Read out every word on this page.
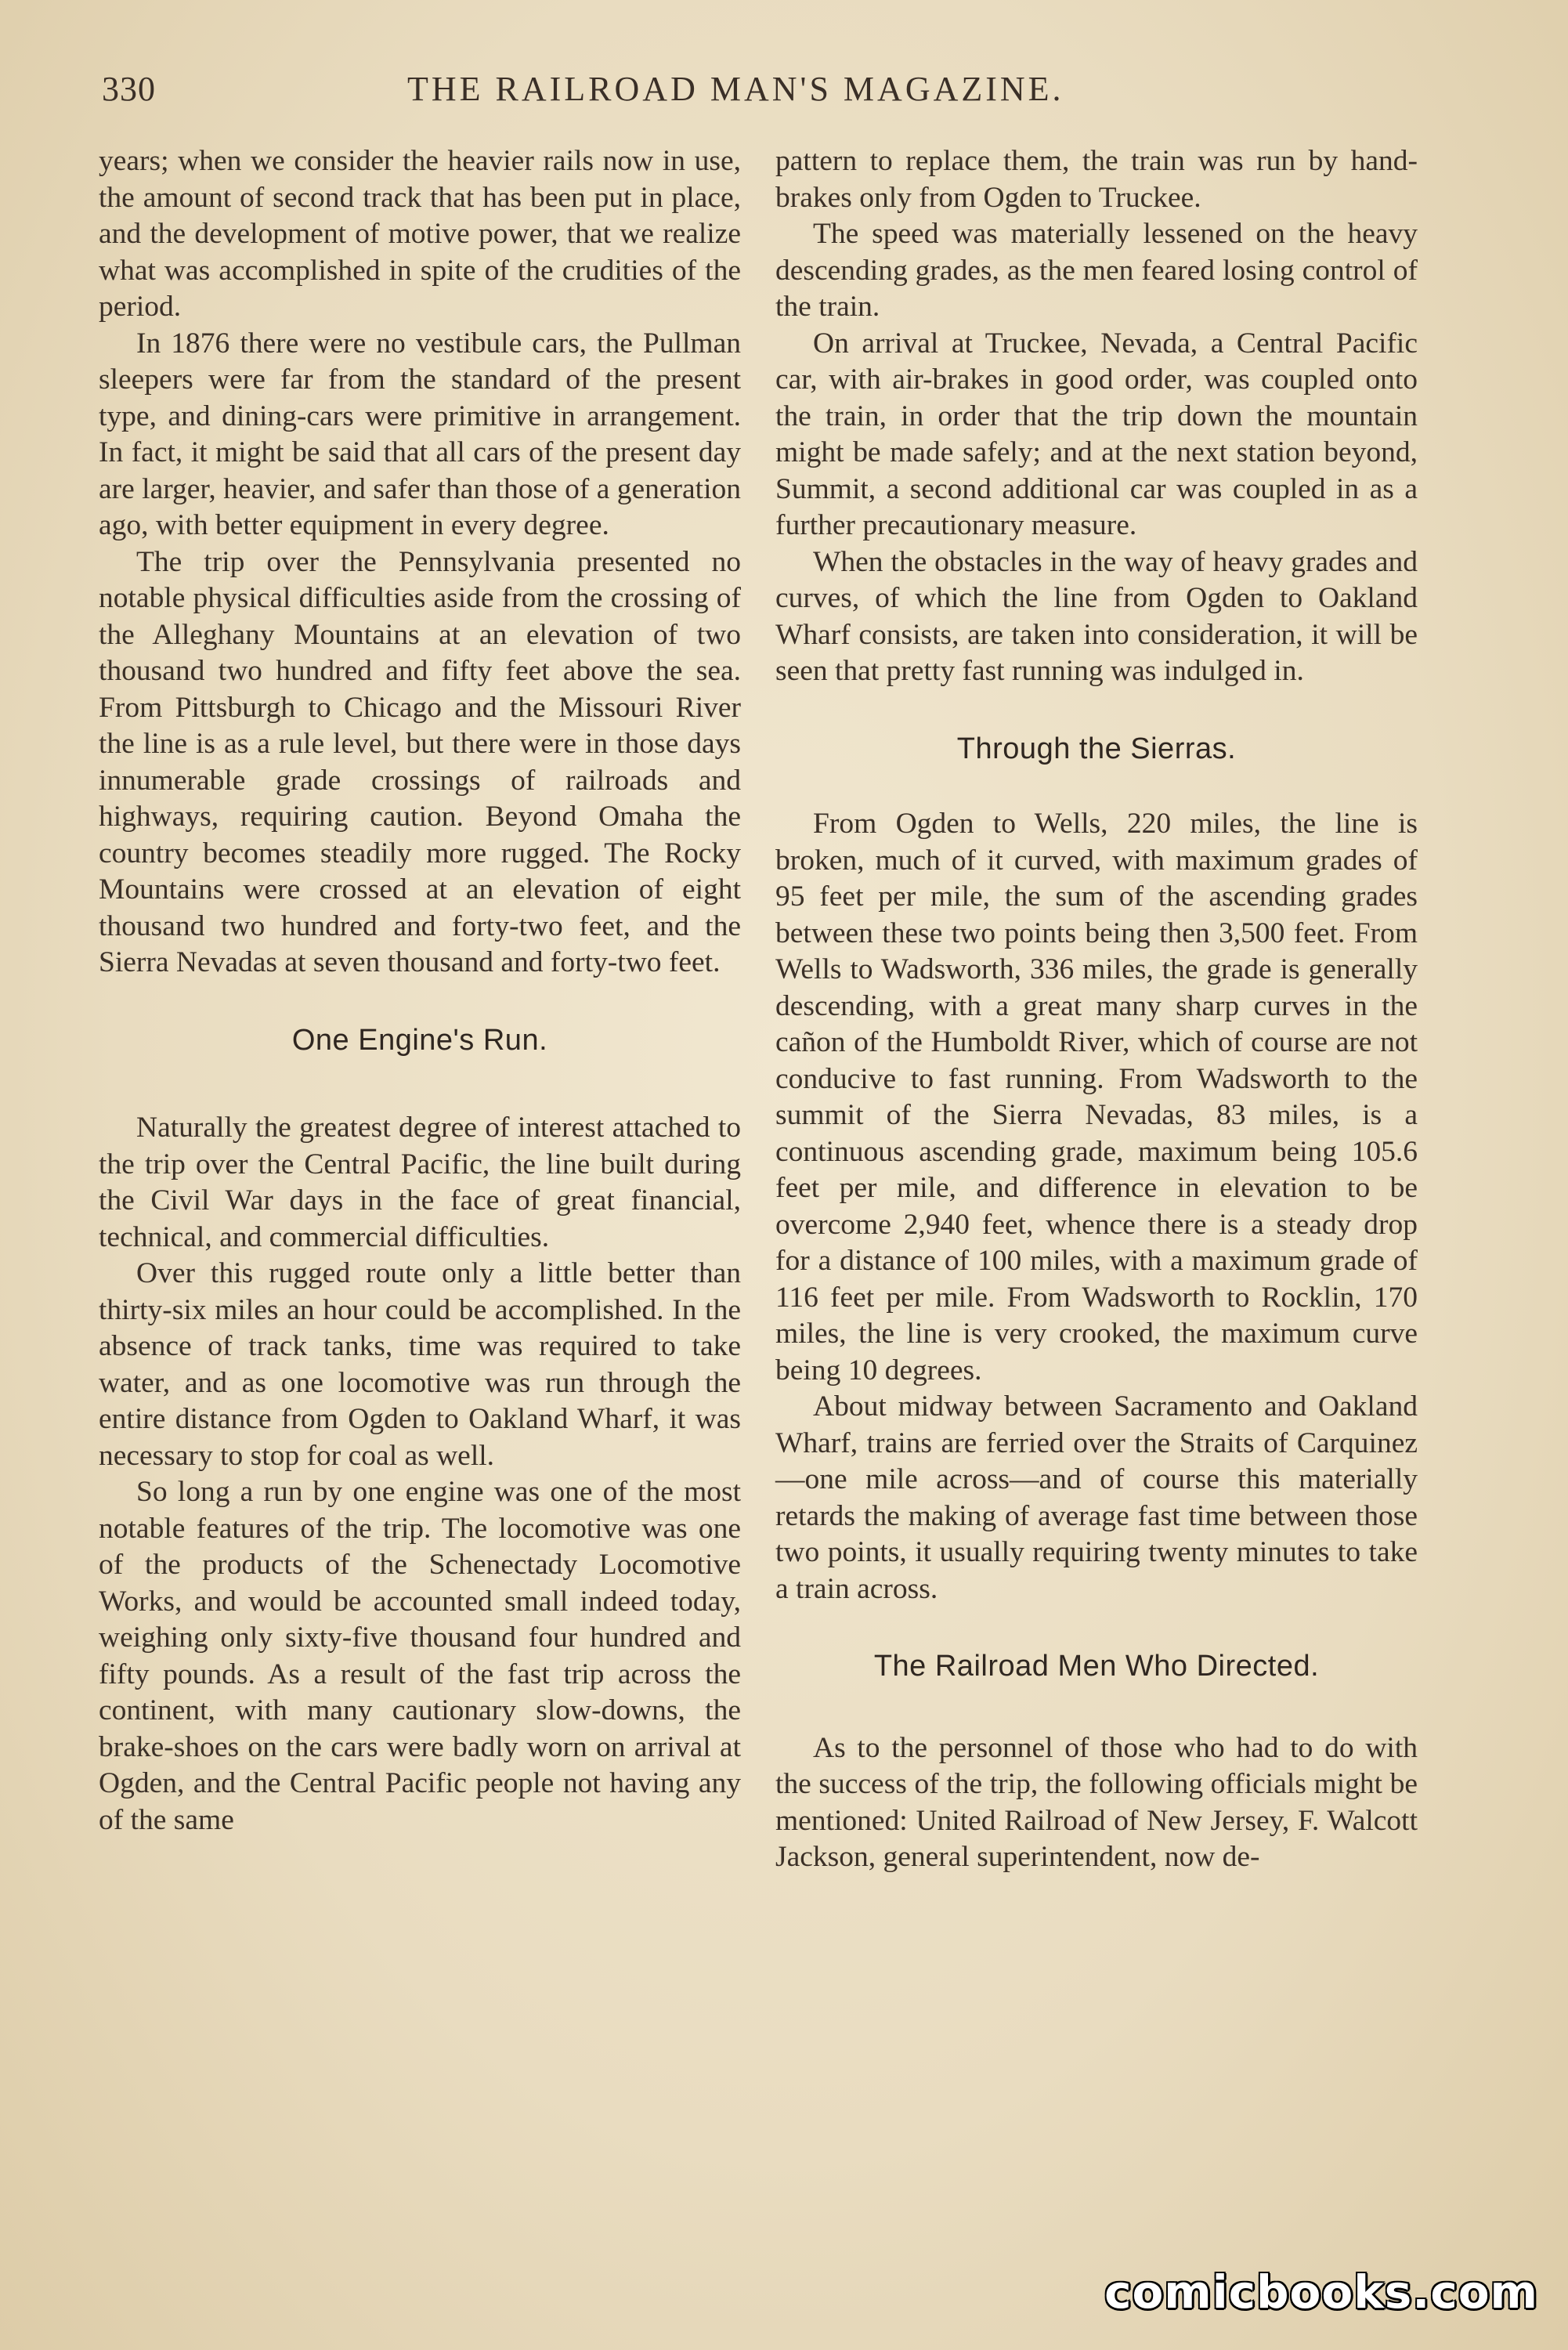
330	THE RAILROAD MAN'S MAGAZINE.

years; when we consider the heavier rails now in use, the amount of second track that has been put in place, and the development of motive power, that we realize what was accomplished in spite of the crudities of the period.

In 1876 there were no vestibule cars, the Pullman sleepers were far from the standard of the present type, and dining-cars were primitive in arrangement. In fact, it might be said that all cars of the present day are larger, heavier, and safer than those of a generation ago, with better equipment in every degree.

The trip over the Pennsylvania presented no notable physical difficulties aside from the crossing of the Alleghany Mountains at an elevation of two thousand two hundred and fifty feet above the sea. From Pittsburgh to Chicago and the Missouri River the line is as a rule level, but there were in those days innumerable grade crossings of railroads and highways, requiring caution. Beyond Omaha the country becomes steadily more rugged. The Rocky Mountains were crossed at an elevation of eight thousand two hundred and forty-two feet, and the Sierra Nevadas at seven thousand and forty-two feet.

One Engine's Run.

Naturally the greatest degree of interest attached to the trip over the Central Pacific, the line built during the Civil War days in the face of great financial, technical, and commercial difficulties.

Over this rugged route only a little better than thirty-six miles an hour could be accomplished. In the absence of track tanks, time was required to take water, and as one locomotive was run through the entire distance from Ogden to Oakland Wharf, it was necessary to stop for coal as well.

So long a run by one engine was one of the most notable features of the trip. The locomotive was one of the products of the Schenectady Locomotive Works, and would be accounted small indeed today, weighing only sixty-five thousand four hundred and fifty pounds. As a result of the fast trip across the continent, with many cautionary slow-downs, the brake-shoes on the cars were badly worn on arrival at Ogden, and the Central Pacific people not having any of the same

pattern to replace them, the train was run by hand-brakes only from Ogden to Truckee.

The speed was materially lessened on the heavy descending grades, as the men feared losing control of the train.

On arrival at Truckee, Nevada, a Central Pacific car, with air-brakes in good order, was coupled onto the train, in order that the trip down the mountain might be made safely; and at the next station beyond, Summit, a second additional car was coupled in as a further precautionary measure.

When the obstacles in the way of heavy grades and curves, of which the line from Ogden to Oakland Wharf consists, are taken into consideration, it will be seen that pretty fast running was indulged in.

Through the Sierras.

From Ogden to Wells, 220 miles, the line is broken, much of it curved, with maximum grades of 95 feet per mile, the sum of the ascending grades between these two points being then 3,500 feet. From Wells to Wadsworth, 336 miles, the grade is generally descending, with a great many sharp curves in the cañon of the Humboldt River, which of course are not conducive to fast running. From Wadsworth to the summit of the Sierra Nevadas, 83 miles, is a continuous ascending grade, maximum being 105.6 feet per mile, and difference in elevation to be overcome 2,940 feet, whence there is a steady drop for a distance of 100 miles, with a maximum grade of 116 feet per mile. From Wadsworth to Rocklin, 170 miles, the line is very crooked, the maximum curve being 10 degrees.

About midway between Sacramento and Oakland Wharf, trains are ferried over the Straits of Carquinez—one mile across—and of course this materially retards the making of average fast time between those two points, it usually requiring twenty minutes to take a train across.

The Railroad Men Who Directed.

As to the personnel of those who had to do with the success of the trip, the following officials might be mentioned: United Railroad of New Jersey, F. Walcott Jackson, general superintendent, now de-

comicbooks.com
